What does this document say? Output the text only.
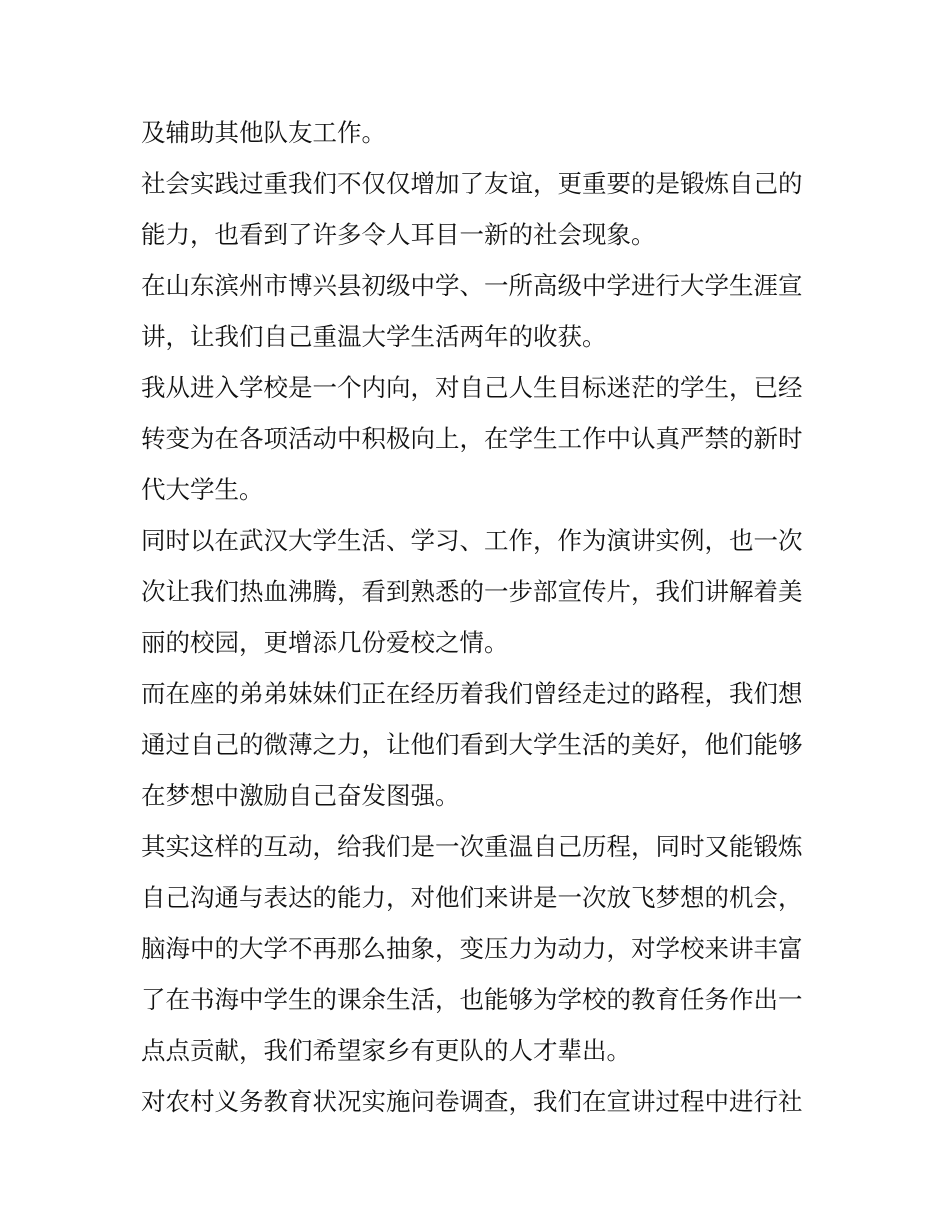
及辅助其他队友工作。

社会实践过重我们不仅仅增加了友谊，更重要的是锻炼自己的

能力，也看到了许多令人耳目一新的社会现象。

在山东滨州市博兴县初级中学、一所高级中学进行大学生涯宣

讲，让我们自己重温大学生活两年的收获。

我从进入学校是一个内向，对自己人生目标迷茫的学生，已经

转变为在各项活动中积极向上，在学生工作中认真严禁的新时

代大学生。

同时以在武汉大学生活、学习、工作，作为演讲实例，也一次

次让我们热血沸腾，看到熟悉的一步部宣传片，我们讲解着美

丽的校园，更增添几份爱校之情。

而在座的弟弟妹妹们正在经历着我们曾经走过的路程，我们想

通过自己的微薄之力，让他们看到大学生活的美好，他们能够

在梦想中激励自己奋发图强。

其实这样的互动，给我们是一次重温自己历程，同时又能锻炼

自己沟通与表达的能力，对他们来讲是一次放飞梦想的机会，

脑海中的大学不再那么抽象，变压力为动力，对学校来讲丰富

了在书海中学生的课余生活，也能够为学校的教育任务作出一

点点贡献，我们希望家乡有更队的人才辈出。

对农村义务教育状况实施问卷调查，我们在宣讲过程中进行社
